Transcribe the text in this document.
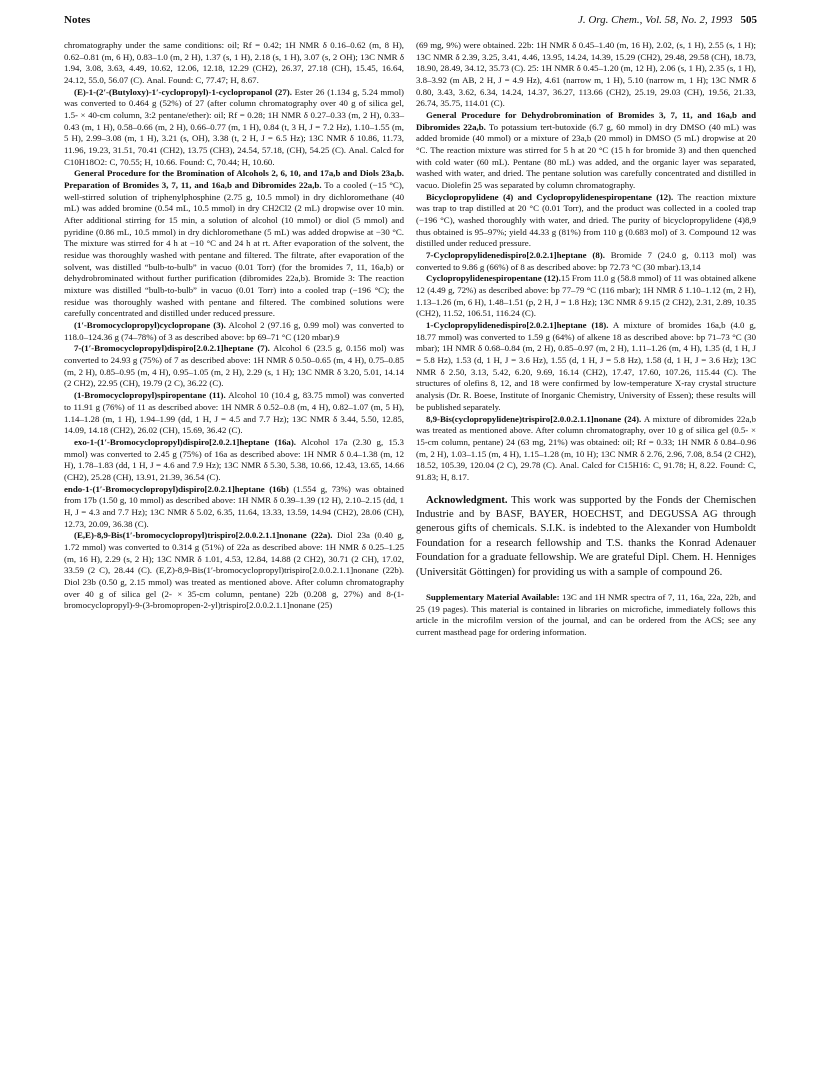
Notes	J. Org. Chem., Vol. 58, No. 2, 1993 505

chromatography under the same conditions: oil; Rf = 0.42; 1H NMR δ 0.16–0.62 (m, 8 H), 0.62–0.81 (m, 6 H), 0.83–1.0 (m, 2 H), 1.37 (s, 1 H), 2.18 (s, 1 H), 3.07 (s, 2 OH); 13C NMR δ 1.94, 3.08, 3.63, 4.49, 10.62, 12.06, 12.18, 12.29 (CH2), 26.37, 27.18 (CH), 15.45, 16.64, 24.12, 55.0, 56.07 (C). Anal. Found: C, 77.47; H, 8.67.

(E)-1-(2′-(Butyloxy)-1′-cyclopropyl)-1-cyclopropanol (27). Ester 26 (1.134 g, 5.24 mmol) was converted to 0.464 g (52%) of 27 (after column chromatography over 40 g of silica gel, 1.5- × 40-cm column, 3:2 pentane/ether): oil; Rf = 0.28; 1H NMR δ 0.27–0.33 (m, 2 H), 0.33–0.43 (m, 1 H), 0.58–0.66 (m, 2 H), 0.66–0.77 (m, 1 H), 0.84 (t, 3 H, J = 7.2 Hz), 1.10–1.55 (m, 5 H), 2.99–3.08 (m, 1 H), 3.21 (s, OH), 3.38 (t, 2 H, J = 6.5 Hz); 13C NMR δ 10.86, 11.73, 11.96, 19.23, 31.51, 70.41 (CH2), 13.75 (CH3), 24.54, 57.18, (CH), 54.25 (C). Anal. Calcd for C10H18O2: C, 70.55; H, 10.66. Found: C, 70.44; H, 10.60.

General Procedure for the Bromination of Alcohols 2, 6, 10, and 17a,b and Diols 23a,b. Preparation of Bromides 3, 7, 11, and 16a,b and Dibromides 22a,b. To a cooled (−15 °C), well-stirred solution of triphenylphosphine (2.75 g, 10.5 mmol) in dry dichloromethane (40 mL) was added bromine (0.54 mL, 10.5 mmol) in dry CH2Cl2 (2 mL) dropwise over 10 min. After additional stirring for 15 min, a solution of alcohol (10 mmol) or diol (5 mmol) and pyridine (0.86 mL, 10.5 mmol) in dry dichloromethane (5 mL) was added dropwise at −30 °C. The mixture was stirred for 4 h at −10 °C and 24 h at rt. After evaporation of the solvent, the residue was thoroughly washed with pentane and filtered. The filtrate, after evaporation of the solvent, was distilled “bulb-to-bulb” in vacuo (0.01 Torr) (for the bromides 7, 11, 16a,b) or dehydrobrominated without further purification (dibromides 22a,b). Bromide 3: The reaction mixture was distilled “bulb-to-bulb” in vacuo (0.01 Torr) into a cooled trap (−196 °C); the residue was thoroughly washed with pentane and filtered. The combined solutions were carefully concentrated and distilled under reduced pressure.

(1′-Bromocyclopropyl)cyclopropane (3). Alcohol 2 (97.16 g, 0.99 mol) was converted to 118.0–124.36 g (74–78%) of 3 as described above: bp 69–71 °C (120 mbar).9

7-(1′-Bromocyclopropyl)dispiro[2.0.2.1]heptane (7). Alcohol 6 (23.5 g, 0.156 mol) was converted to 24.93 g (75%) of 7 as described above: 1H NMR δ 0.50–0.65 (m, 4 H), 0.75–0.85 (m, 2 H), 0.85–0.95 (m, 4 H), 0.95–1.05 (m, 2 H), 2.29 (s, 1 H); 13C NMR δ 3.20, 5.01, 14.14 (2 CH2), 22.95 (CH), 19.79 (2 C), 36.22 (C).

(1-Bromocyclopropyl)spiropentane (11). Alcohol 10 (10.4 g, 83.75 mmol) was converted to 11.91 g (76%) of 11 as described above: 1H NMR δ 0.52–0.8 (m, 4 H), 0.82–1.07 (m, 5 H), 1.14–1.28 (m, 1 H), 1.94–1.99 (dd, 1 H, J = 4.5 and 7.7 Hz); 13C NMR δ 3.44, 5.50, 12.85, 14.09, 14.18 (CH2), 26.02 (CH), 15.69, 36.42 (C).

exo-1-(1′-Bromocyclopropyl)dispiro[2.0.2.1]heptane (16a). Alcohol 17a (2.30 g, 15.3 mmol) was converted to 2.45 g (75%) of 16a as described above: 1H NMR δ 0.4–1.38 (m, 12 H), 1.78–1.83 (dd, 1 H, J = 4.6 and 7.9 Hz); 13C NMR δ 5.30, 5.38, 10.66, 12.43, 13.65, 14.66 (CH2), 25.28 (CH), 13.91, 21.39, 36.54 (C).

endo-1-(1′-Bromocyclopropyl)dispiro[2.0.2.1]heptane (16b) (1.554 g, 73%) was obtained from 17b (1.50 g, 10 mmol) as described above: 1H NMR δ 0.39–1.39 (12 H), 2.10–2.15 (dd, 1 H, J = 4.3 and 7.7 Hz); 13C NMR δ 5.02, 6.35, 11.64, 13.33, 13.59, 14.94 (CH2), 28.06 (CH), 12.73, 20.09, 36.38 (C).

(E,E)-8,9-Bis(1′-bromocyclopropyl)trispiro[2.0.0.2.1.1]nonane (22a). Diol 23a (0.40 g, 1.72 mmol) was converted to 0.314 g (51%) of 22a as described above: 1H NMR δ 0.25–1.25 (m, 16 H), 2.29 (s, 2 H); 13C NMR δ 1.01, 4.53, 12.84, 14.88 (2 CH2), 30.71 (2 CH), 17.02, 33.59 (2 C), 28.44 (C). (E,Z)-8,9-Bis(1′-bromocyclopropyl)trispiro[2.0.0.2.1.1]nonane (22b). Diol 23b (0.50 g, 2.15 mmol) was treated as mentioned above. After column chromatography over 40 g of silica gel (2- × 35-cm column, pentane) 22b (0.208 g, 27%) and 8-(1-bromocyclopropyl)-9-(3-bromopropen-2-yl)trispiro[2.0.0.2.1.1]nonane (25)

(69 mg, 9%) were obtained. 22b: 1H NMR δ 0.45–1.40 (m, 16 H), 2.02, (s, 1 H), 2.55 (s, 1 H); 13C NMR δ 2.39, 3.25, 3.41, 4.46, 13.95, 14.24, 14.39, 15.29 (CH2), 29.48, 29.58 (CH), 18.73, 18.90, 28.49, 34.12, 35.73 (C). 25: 1H NMR δ 0.45–1.20 (m, 12 H), 2.06 (s, 1 H), 2.35 (s, 1 H), 3.8–3.92 (m AB, 2 H, J = 4.9 Hz), 4.61 (narrow m, 1 H), 5.10 (narrow m, 1 H); 13C NMR δ 0.80, 3.43, 3.62, 6.34, 14.24, 14.37, 36.27, 113.66 (CH2), 25.19, 29.03 (CH), 19.56, 21.33, 26.74, 35.75, 114.01 (C).

General Procedure for Dehydrobromination of Bromides 3, 7, 11, and 16a,b and Dibromides 22a,b. To potassium tert-butoxide (6.7 g, 60 mmol) in dry DMSO (40 mL) was added bromide (40 mmol) or a mixture of 23a,b (20 mmol) in DMSO (5 mL) dropwise at 20 °C. The reaction mixture was stirred for 5 h at 20 °C (15 h for bromide 3) and then quenched with cold water (60 mL). Pentane (80 mL) was added, and the organic layer was separated, washed with water, and dried. The pentane solution was carefully concentrated and distilled in vacuo. Diolefin 25 was separated by column chromatography.

Bicyclopropylidene (4) and Cyclopropylidenespiropentane (12). The reaction mixture was trap to trap distilled at 20 °C (0.01 Torr), and the product was collected in a cooled trap (−196 °C), washed thoroughly with water, and dried. The purity of bicyclopropylidene (4)8,9 thus obtained is 95–97%; yield 44.33 g (81%) from 110 g (0.683 mol) of 3. Compound 12 was distilled under reduced pressure.

7-Cyclopropylidenedispiro[2.0.2.1]heptane (8). Bromide 7 (24.0 g, 0.113 mol) was converted to 9.86 g (66%) of 8 as described above: bp 72.73 °C (30 mbar).13,14

Cyclopropylidenespiropentane (12).15 From 11.0 g (58.8 mmol) of 11 was obtained alkene 12 (4.49 g, 72%) as described above: bp 77–79 °C (116 mbar); 1H NMR δ 1.10–1.12 (m, 2 H), 1.13–1.26 (m, 6 H), 1.48–1.51 (p, 2 H, J = 1.8 Hz); 13C NMR δ 9.15 (2 CH2), 2.31, 2.89, 10.35 (CH2), 11.52, 106.51, 116.24 (C).

1-Cyclopropylidenedispiro[2.0.2.1]heptane (18). A mixture of bromides 16a,b (4.0 g, 18.77 mmol) was converted to 1.59 g (64%) of alkene 18 as described above: bp 71–73 °C (30 mbar); 1H NMR δ 0.68–0.84 (m, 2 H), 0.85–0.97 (m, 2 H), 1.11–1.26 (m, 4 H), 1.35 (d, 1 H, J = 5.8 Hz), 1.53 (d, 1 H, J = 3.6 Hz), 1.55 (d, 1 H, J = 5.8 Hz), 1.58 (d, 1 H, J = 3.6 Hz); 13C NMR δ 2.50, 3.13, 5.42, 6.20, 9.69, 16.14 (CH2), 17.47, 17.60, 107.26, 115.44 (C). The structures of olefins 8, 12, and 18 were confirmed by low-temperature X-ray crystal structure analysis (Dr. R. Boese, Institute of Inorganic Chemistry, University of Essen); these results will be published separately.

8,9-Bis(cyclopropylidene)trispiro[2.0.0.2.1.1]nonane (24). A mixture of dibromides 22a,b was treated as mentioned above. After column chromatography, over 10 g of silica gel (0.5- × 15-cm column, pentane) 24 (63 mg, 21%) was obtained: oil; Rf = 0.33; 1H NMR δ 0.84–0.96 (m, 2 H), 1.03–1.15 (m, 4 H), 1.15–1.28 (m, 10 H); 13C NMR δ 2.76, 2.96, 7.08, 8.54 (2 CH2), 18.52, 105.39, 120.04 (2 C), 29.78 (C). Anal. Calcd for C15H16: C, 91.78; H, 8.22. Found: C, 91.83; H, 8.17.

Acknowledgment. This work was supported by the Fonds der Chemischen Industrie and by BASF, BAYER, HOECHST, and DEGUSSA AG through generous gifts of chemicals. S.I.K. is indebted to the Alexander von Humboldt Foundation for a research fellowship and T.S. thanks the Konrad Adenauer Foundation for a graduate fellowship. We are grateful Dipl. Chem. H. Henniges (Universität Göttingen) for providing us with a sample of compound 26.

Supplementary Material Available: 13C and 1H NMR spectra of 7, 11, 16a, 22a, 22b, and 25 (19 pages). This material is contained in libraries on microfiche, immediately follows this article in the microfilm version of the journal, and can be ordered from the ACS; see any current masthead page for ordering information.
